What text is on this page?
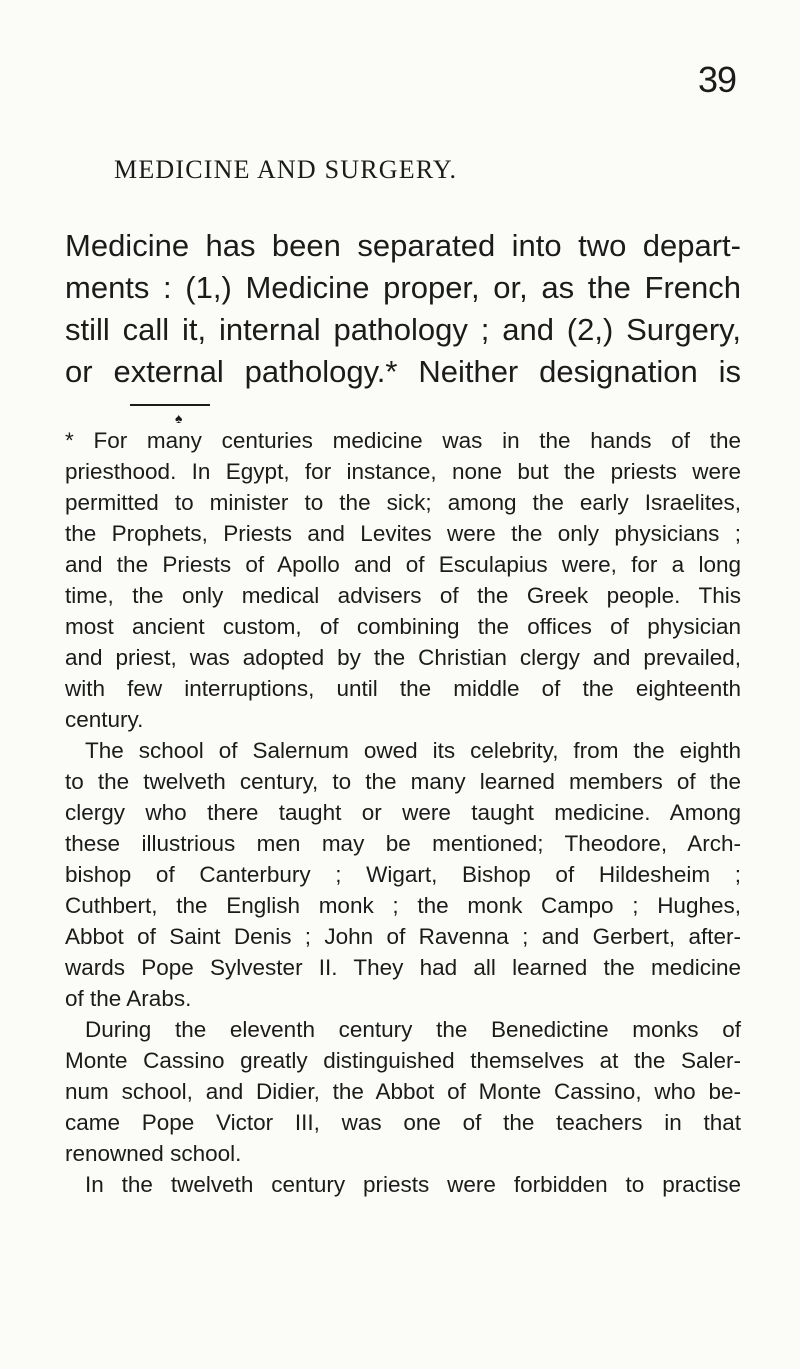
39
MEDICINE AND SURGERY.
Medicine has been separated into two depart-
ments : (1,) Medicine proper, or, as the French
still call it, internal pathology ; and (2,) Surgery,
or external pathology.* Neither designation is
♠
* For many centuries medicine was in the hands of the
priesthood. In Egypt, for instance, none but the priests were
permitted to minister to the sick; among the early Israelites,
the Prophets, Priests and Levites were the only physicians ;
and the Priests of Apollo and of Esculapius were, for a long
time, the only medical advisers of the Greek people. This
most ancient custom, of combining the offices of physician
and priest, was adopted by the Christian clergy and prevailed,
with few interruptions, until the middle of the eighteenth
century.
The school of Salernum owed its celebrity, from the eighth
to the twelveth century, to the many learned members of the
clergy who there taught or were taught medicine. Among
these illustrious men may be mentioned; Theodore, Arch-
bishop of Canterbury ; Wigart, Bishop of Hildesheim ;
Cuthbert, the English monk ; the monk Campo ; Hughes,
Abbot of Saint Denis ; John of Ravenna ; and Gerbert, after-
wards Pope Sylvester II. They had all learned the medicine
of the Arabs.
During the eleventh century the Benedictine monks of
Monte Cassino greatly distinguished themselves at the Saler-
num school, and Didier, the Abbot of Monte Cassino, who be-
came Pope Victor III, was one of the teachers in that
renowned school.
In the twelveth century priests were forbidden to practise
